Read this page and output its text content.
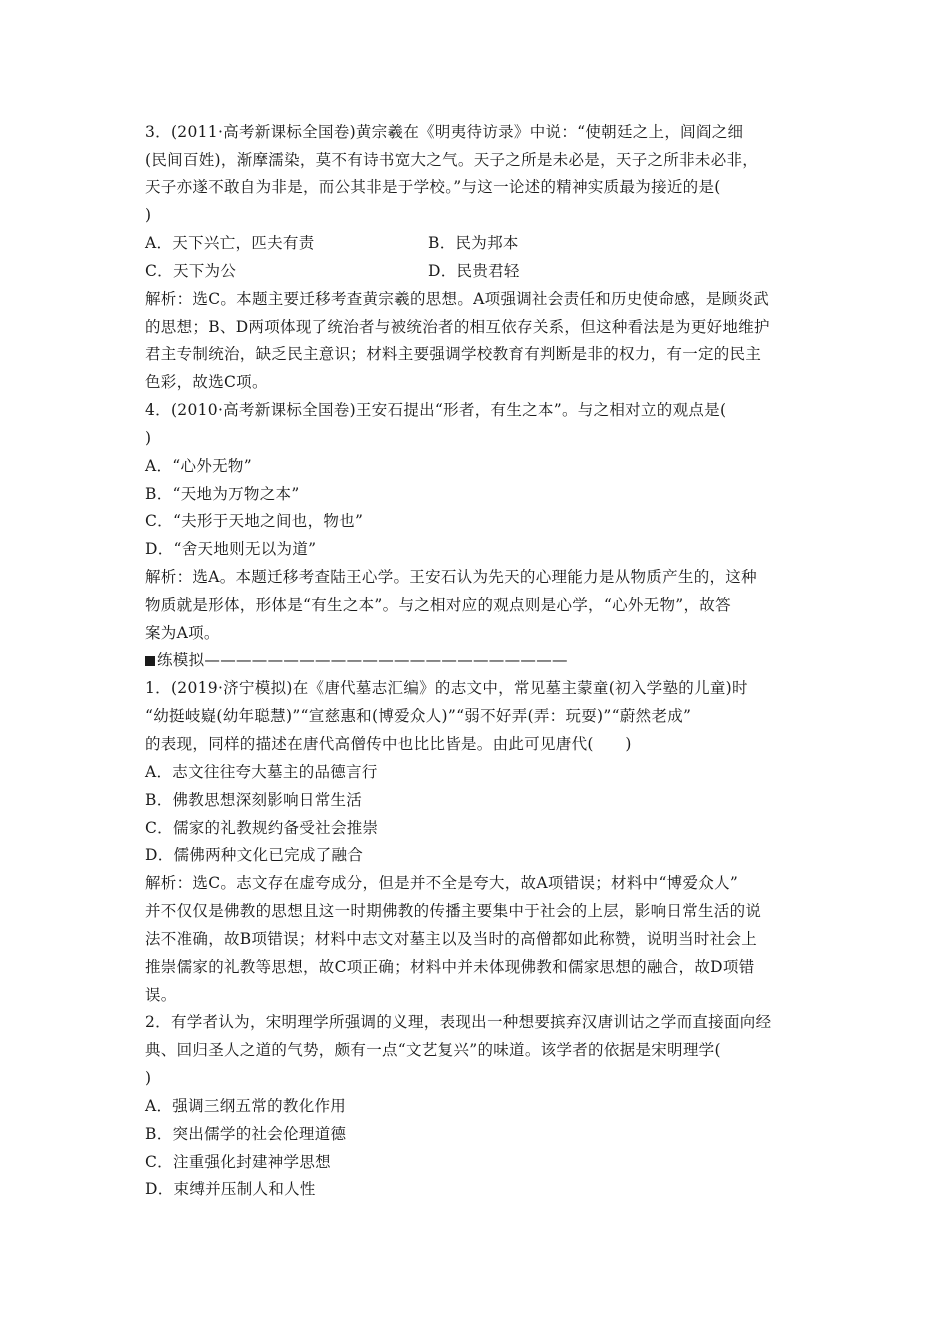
3．(2011·高考新课标全国卷)黄宗羲在《明夷待访录》中说：“使朝廷之上，闾阎之细
(民间百姓)，渐摩濡染，莫不有诗书宽大之气。天子之所是未必是，天子之所非未必非，
天子亦遂不敢自为非是，而公其非是于学校。”与这一论述的精神实质最为接近的是(
)
A．天下兴亡，匹夫有责	B．民为邦本
C．天下为公	D．民贵君轻
解析：选C。本题主要迁移考查黄宗羲的思想。A项强调社会责任和历史使命感，是顾炎武
的思想；B、D两项体现了统治者与被统治者的相互依存关系，但这种看法是为更好地维护
君主专制统治，缺乏民主意识；材料主要强调学校教育有判断是非的权力，有一定的民主
色彩，故选C项。
4．(2010·高考新课标全国卷)王安石提出“形者，有生之本”。与之相对立的观点是(
)
A．“心外无物”
B．“天地为万物之本”
C．“夫形于天地之间也，物也”
D．“舍天地则无以为道”
解析：选A。本题迁移考查陆王心学。王安石认为先天的心理能力是从物质产生的，这种
物质就是形体，形体是“有生之本”。与之相对应的观点则是心学，“心外无物”，故答
案为A项。
练模拟———————————————————————
1．(2019·济宁模拟)在《唐代墓志汇编》的志文中，常见墓主蒙童(初入学塾的儿童)时
“幼挺岐嶷(幼年聪慧)”“宣慈惠和(博爱众人)”“弱不好弄(弄：玩耍)”“蔚然老成”
的表现，同样的描述在唐代高僧传中也比比皆是。由此可见唐代(　　)
A．志文往往夸大墓主的品德言行
B．佛教思想深刻影响日常生活
C．儒家的礼教规约备受社会推崇
D．儒佛两种文化已完成了融合
解析：选C。志文存在虚夸成分，但是并不全是夸大，故A项错误；材料中“博爱众人”
并不仅仅是佛教的思想且这一时期佛教的传播主要集中于社会的上层，影响日常生活的说
法不准确，故B项错误；材料中志文对墓主以及当时的高僧都如此称赞，说明当时社会上
推崇儒家的礼教等思想，故C项正确；材料中并未体现佛教和儒家思想的融合，故D项错
误。
2．有学者认为，宋明理学所强调的义理，表现出一种想要摈弃汉唐训诂之学而直接面向经
典、回归圣人之道的气势，颇有一点“文艺复兴”的味道。该学者的依据是宋明理学(
)
A．强调三纲五常的教化作用
B．突出儒学的社会伦理道德
C．注重强化封建神学思想
D．束缚并压制人和人性
